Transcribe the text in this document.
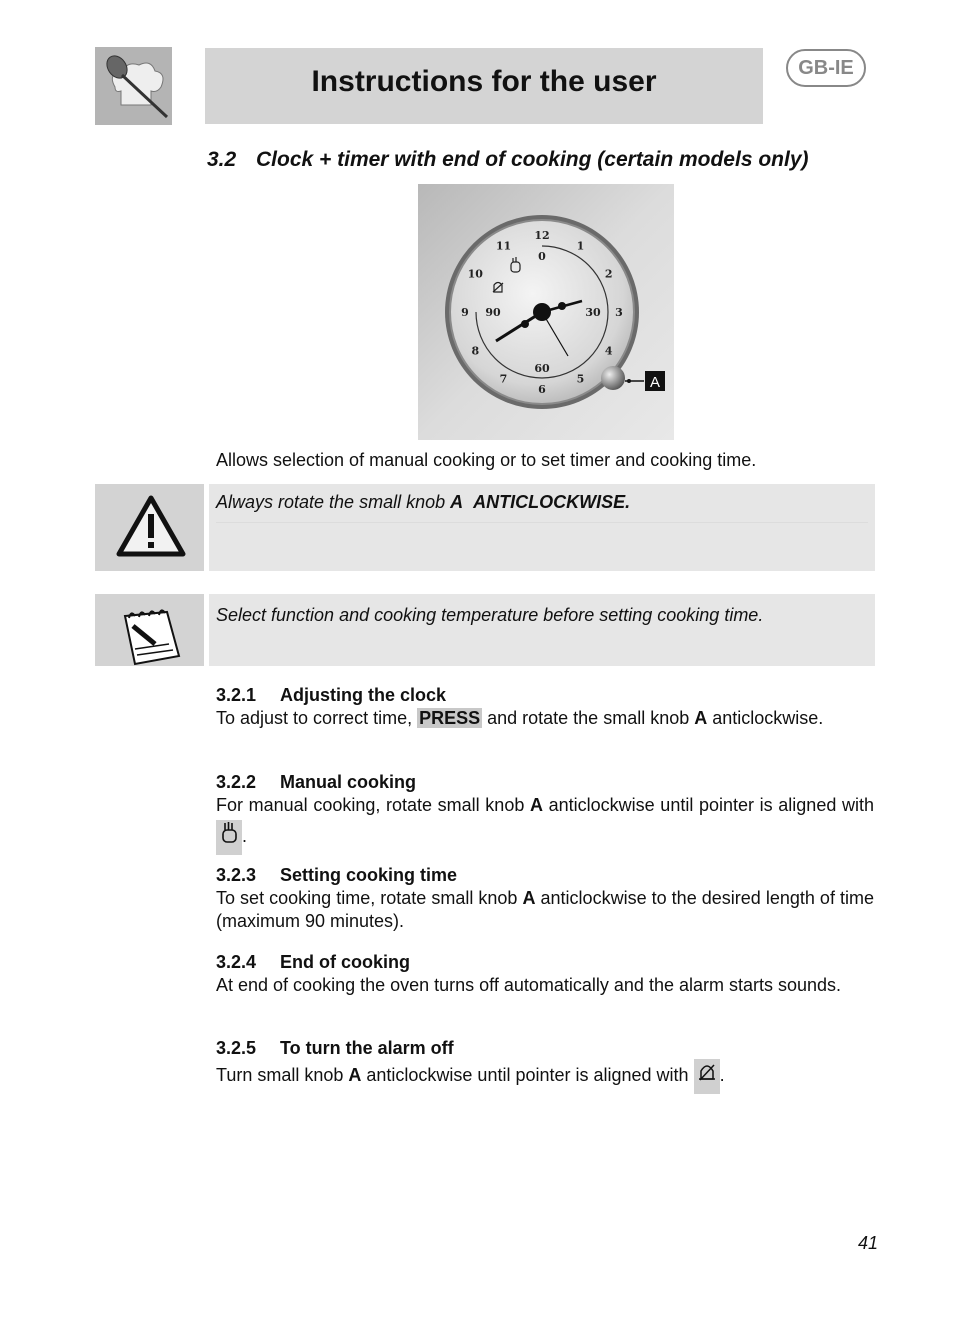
Instructions for the user	GB-IE
3.2 Clock + timer with end of cooking (certain models only)
12
1
2
3
4
5
6
7
8
9
10
11
0
30
60
90
A
Allows selection of manual cooking or to set timer and cooking time.
Always rotate the small knob A ANTICLOCKWISE.
Select function and cooking temperature before setting cooking time.
3.2.1 Adjusting the clock

To adjust to correct time, PRESS and rotate the small knob A anticlockwise.

3.2.2 Manual cooking

For manual cooking, rotate small knob A anticlockwise until pointer is aligned with .

3.2.3 Setting cooking time

To set cooking time, rotate small knob A anticlockwise to the desired length of time (maximum 90 minutes).

3.2.4 End of cooking

At end of cooking the oven turns off automatically and the alarm starts sounds.

3.2.5 To turn the alarm off

Turn small knob A anticlockwise until pointer is aligned with .

41
